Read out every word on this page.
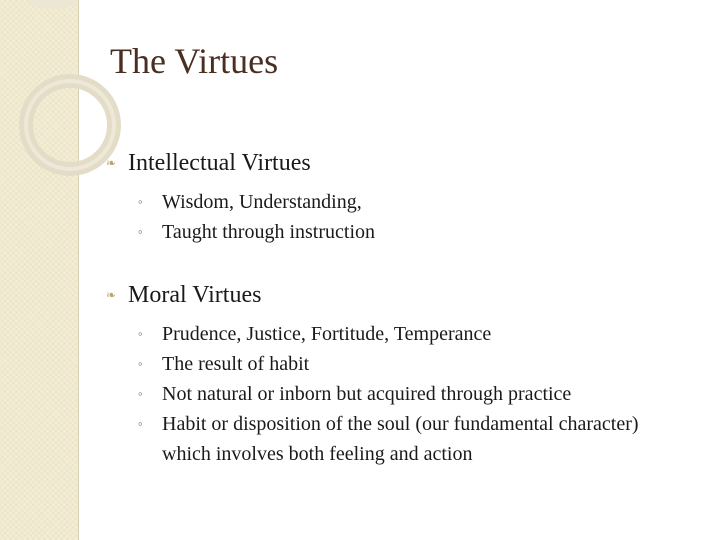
The Virtues
❧ Intellectual Virtues
◦ Wisdom, Understanding,
◦ Taught through instruction
❧ Moral Virtues
◦ Prudence, Justice, Fortitude, Temperance
◦ The result of habit
◦ Not natural or inborn but acquired through practice
◦ Habit or disposition of the soul (our fundamental character) which involves both feeling and action
